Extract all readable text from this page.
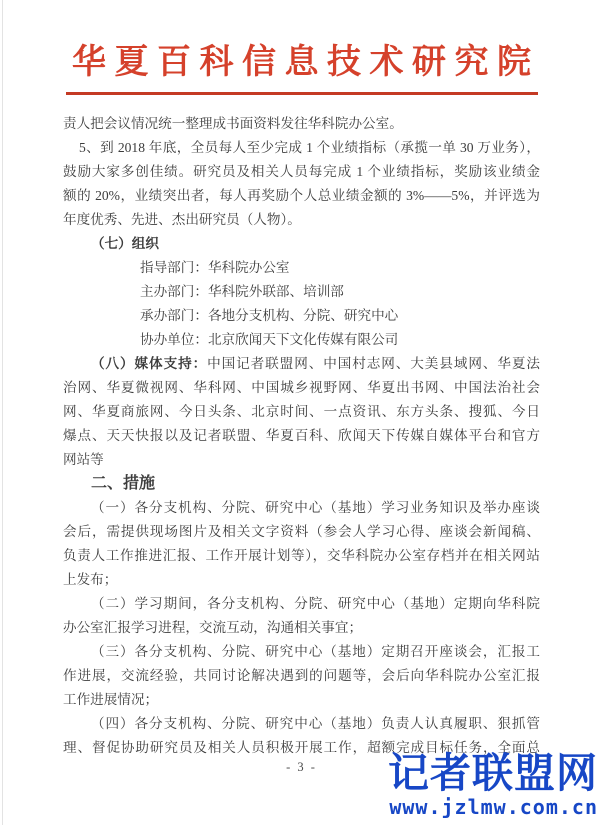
华夏百科信息技术研究院
责人把会议情况统一整理成书面资料发往华科院办公室。
5、到 2018 年底，全员每人至少完成 1 个业绩指标（承揽一单 30 万业务），
鼓励大家多创佳绩。研究员及相关人员每完成 1 个业绩指标，奖励该业绩金
额的 20%，业绩突出者，每人再奖励个人总业绩金额的 3%——5%，并评选为
年度优秀、先进、杰出研究员（人物）。
（七）组织
指导部门：华科院办公室
主办部门：华科院外联部、培训部
承办部门：各地分支机构、分院、研究中心
协办单位：北京欣闻天下文化传媒有限公司
（八）媒体支持：中国记者联盟网、中国村志网、大美县域网、华夏法
治网、华夏微视网、华科网、中国城乡视野网、华夏出书网、中国法治社会
网、华夏商旅网、今日头条、北京时间、一点资讯、东方头条、搜狐、今日
爆点、天天快报以及记者联盟、华夏百科、欣闻天下传媒自媒体平台和官方
网站等
二、措施
（一）各分支机构、分院、研究中心（基地）学习业务知识及举办座谈
会后，需提供现场图片及相关文字资料（参会人学习心得、座谈会新闻稿、
负责人工作推进汇报、工作开展计划等），交华科院办公室存档并在相关网站
上发布；
（二）学习期间，各分支机构、分院、研究中心（基地）定期向华科院
办公室汇报学习进程，交流互动，沟通相关事宜；
（三）各分支机构、分院、研究中心（基地）定期召开座谈会，汇报工
作进展，交流经验，共同讨论解决遇到的问题等，会后向华科院办公室汇报
工作进展情况；
（四）各分支机构、分院、研究中心（基地）负责人认真履职、狠抓管
理、督促协助研究员及相关人员积极开展工作，超额完成目标任务，全面总
- 3 -	记者联盟网
www.jzlmw.com.cn
